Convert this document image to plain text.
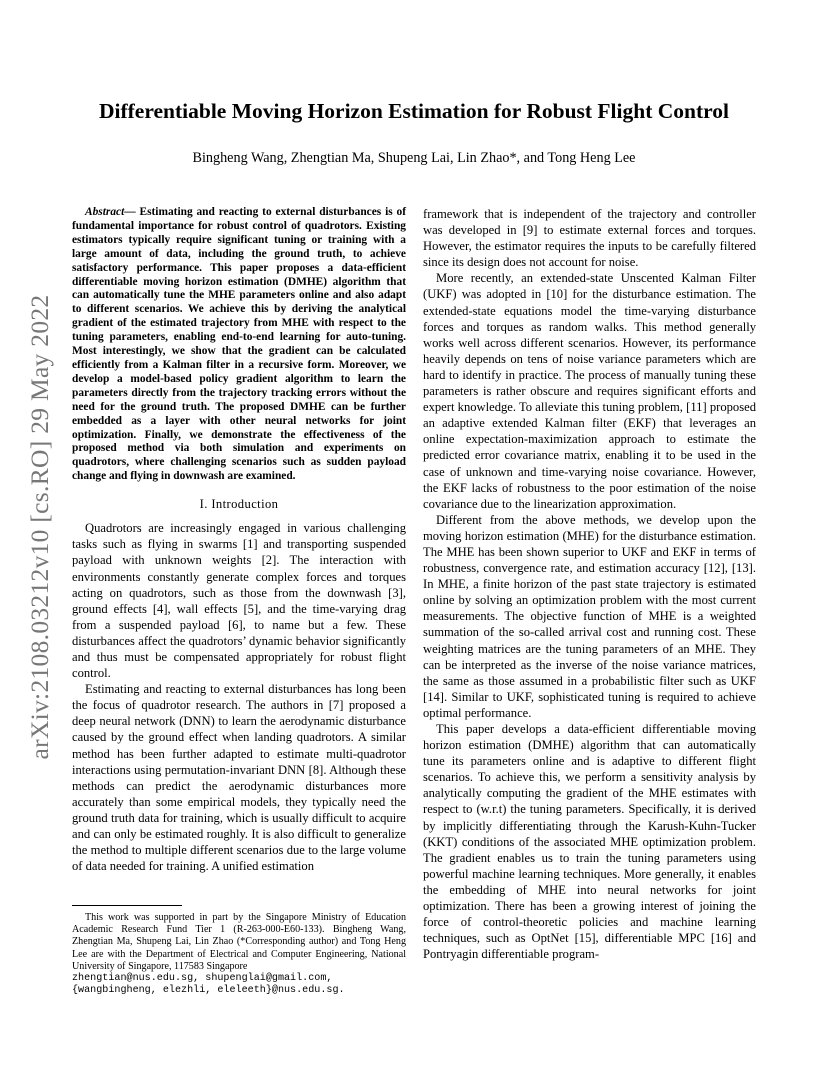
arXiv:2108.03212v10 [cs.RO] 29 May 2022
Differentiable Moving Horizon Estimation for Robust Flight Control
Bingheng Wang, Zhengtian Ma, Shupeng Lai, Lin Zhao*, and Tong Heng Lee

Abstract— Estimating and reacting to external disturbances is of fundamental importance for robust control of quadrotors. Existing estimators typically require significant tuning or training with a large amount of data, including the ground truth, to achieve satisfactory performance. This paper proposes a data-efficient differentiable moving horizon estimation (DMHE) algorithm that can automatically tune the MHE parameters online and also adapt to different scenarios. We achieve this by deriving the analytical gradient of the estimated trajectory from MHE with respect to the tuning parameters, enabling end-to-end learning for auto-tuning. Most interestingly, we show that the gradient can be calculated efficiently from a Kalman filter in a recursive form. Moreover, we develop a model-based policy gradient algorithm to learn the parameters directly from the trajectory tracking errors without the need for the ground truth. The proposed DMHE can be further embedded as a layer with other neural networks for joint optimization. Finally, we demonstrate the effectiveness of the proposed method via both simulation and experiments on quadrotors, where challenging scenarios such as sudden payload change and flying in downwash are examined.

I. Introduction

Quadrotors are increasingly engaged in various challenging tasks such as flying in swarms [1] and transporting suspended payload with unknown weights [2]. The interaction with environments constantly generate complex forces and torques acting on quadrotors, such as those from the downwash [3], ground effects [4], wall effects [5], and the time-varying drag from a suspended payload [6], to name but a few. These disturbances affect the quadrotors’ dynamic behavior significantly and thus must be compensated appropriately for robust flight control.

Estimating and reacting to external disturbances has long been the focus of quadrotor research. The authors in [7] proposed a deep neural network (DNN) to learn the aerodynamic disturbance caused by the ground effect when landing quadrotors. A similar method has been further adapted to estimate multi-quadrotor interactions using permutation-invariant DNN [8]. Although these methods can predict the aerodynamic disturbances more accurately than some empirical models, they typically need the ground truth data for training, which is usually difficult to acquire and can only be estimated roughly. It is also difficult to generalize the method to multiple different scenarios due to the large volume of data needed for training. A unified estimation

This work was supported in part by the Singapore Ministry of Education Academic Research Fund Tier 1 (R-263-000-E60-133). Bingheng Wang, Zhengtian Ma, Shupeng Lai, Lin Zhao (*Corresponding author) and Tong Heng Lee are with the Department of Electrical and Computer Engineering, National University of Singapore, 117583 Singapore

zhengtian@nus.edu.sg, shupenglai@gmail.com,
{wangbingheng, elezhli, eleleeth}@nus.edu.sg.

framework that is independent of the trajectory and controller was developed in [9] to estimate external forces and torques. However, the estimator requires the inputs to be carefully filtered since its design does not account for noise.

More recently, an extended-state Unscented Kalman Filter (UKF) was adopted in [10] for the disturbance estimation. The extended-state equations model the time-varying disturbance forces and torques as random walks. This method generally works well across different scenarios. However, its performance heavily depends on tens of noise variance parameters which are hard to identify in practice. The process of manually tuning these parameters is rather obscure and requires significant efforts and expert knowledge. To alleviate this tuning problem, [11] proposed an adaptive extended Kalman filter (EKF) that leverages an online expectation-maximization approach to estimate the predicted error covariance matrix, enabling it to be used in the case of unknown and time-varying noise covariance. However, the EKF lacks of robustness to the poor estimation of the noise covariance due to the linearization approximation.

Different from the above methods, we develop upon the moving horizon estimation (MHE) for the disturbance estimation. The MHE has been shown superior to UKF and EKF in terms of robustness, convergence rate, and estimation accuracy [12], [13]. In MHE, a finite horizon of the past state trajectory is estimated online by solving an optimization problem with the most current measurements. The objective function of MHE is a weighted summation of the so-called arrival cost and running cost. These weighting matrices are the tuning parameters of an MHE. They can be interpreted as the inverse of the noise variance matrices, the same as those assumed in a probabilistic filter such as UKF [14]. Similar to UKF, sophisticated tuning is required to achieve optimal performance.

This paper develops a data-efficient differentiable moving horizon estimation (DMHE) algorithm that can automatically tune its parameters online and is adaptive to different flight scenarios. To achieve this, we perform a sensitivity analysis by analytically computing the gradient of the MHE estimates with respect to (w.r.t) the tuning parameters. Specifically, it is derived by implicitly differentiating through the Karush-Kuhn-Tucker (KKT) conditions of the associated MHE optimization problem. The gradient enables us to train the tuning parameters using powerful machine learning techniques. More generally, it enables the embedding of MHE into neural networks for joint optimization. There has been a growing interest of joining the force of control-theoretic policies and machine learning techniques, such as OptNet [15], differentiable MPC [16] and Pontryagin differentiable program-
